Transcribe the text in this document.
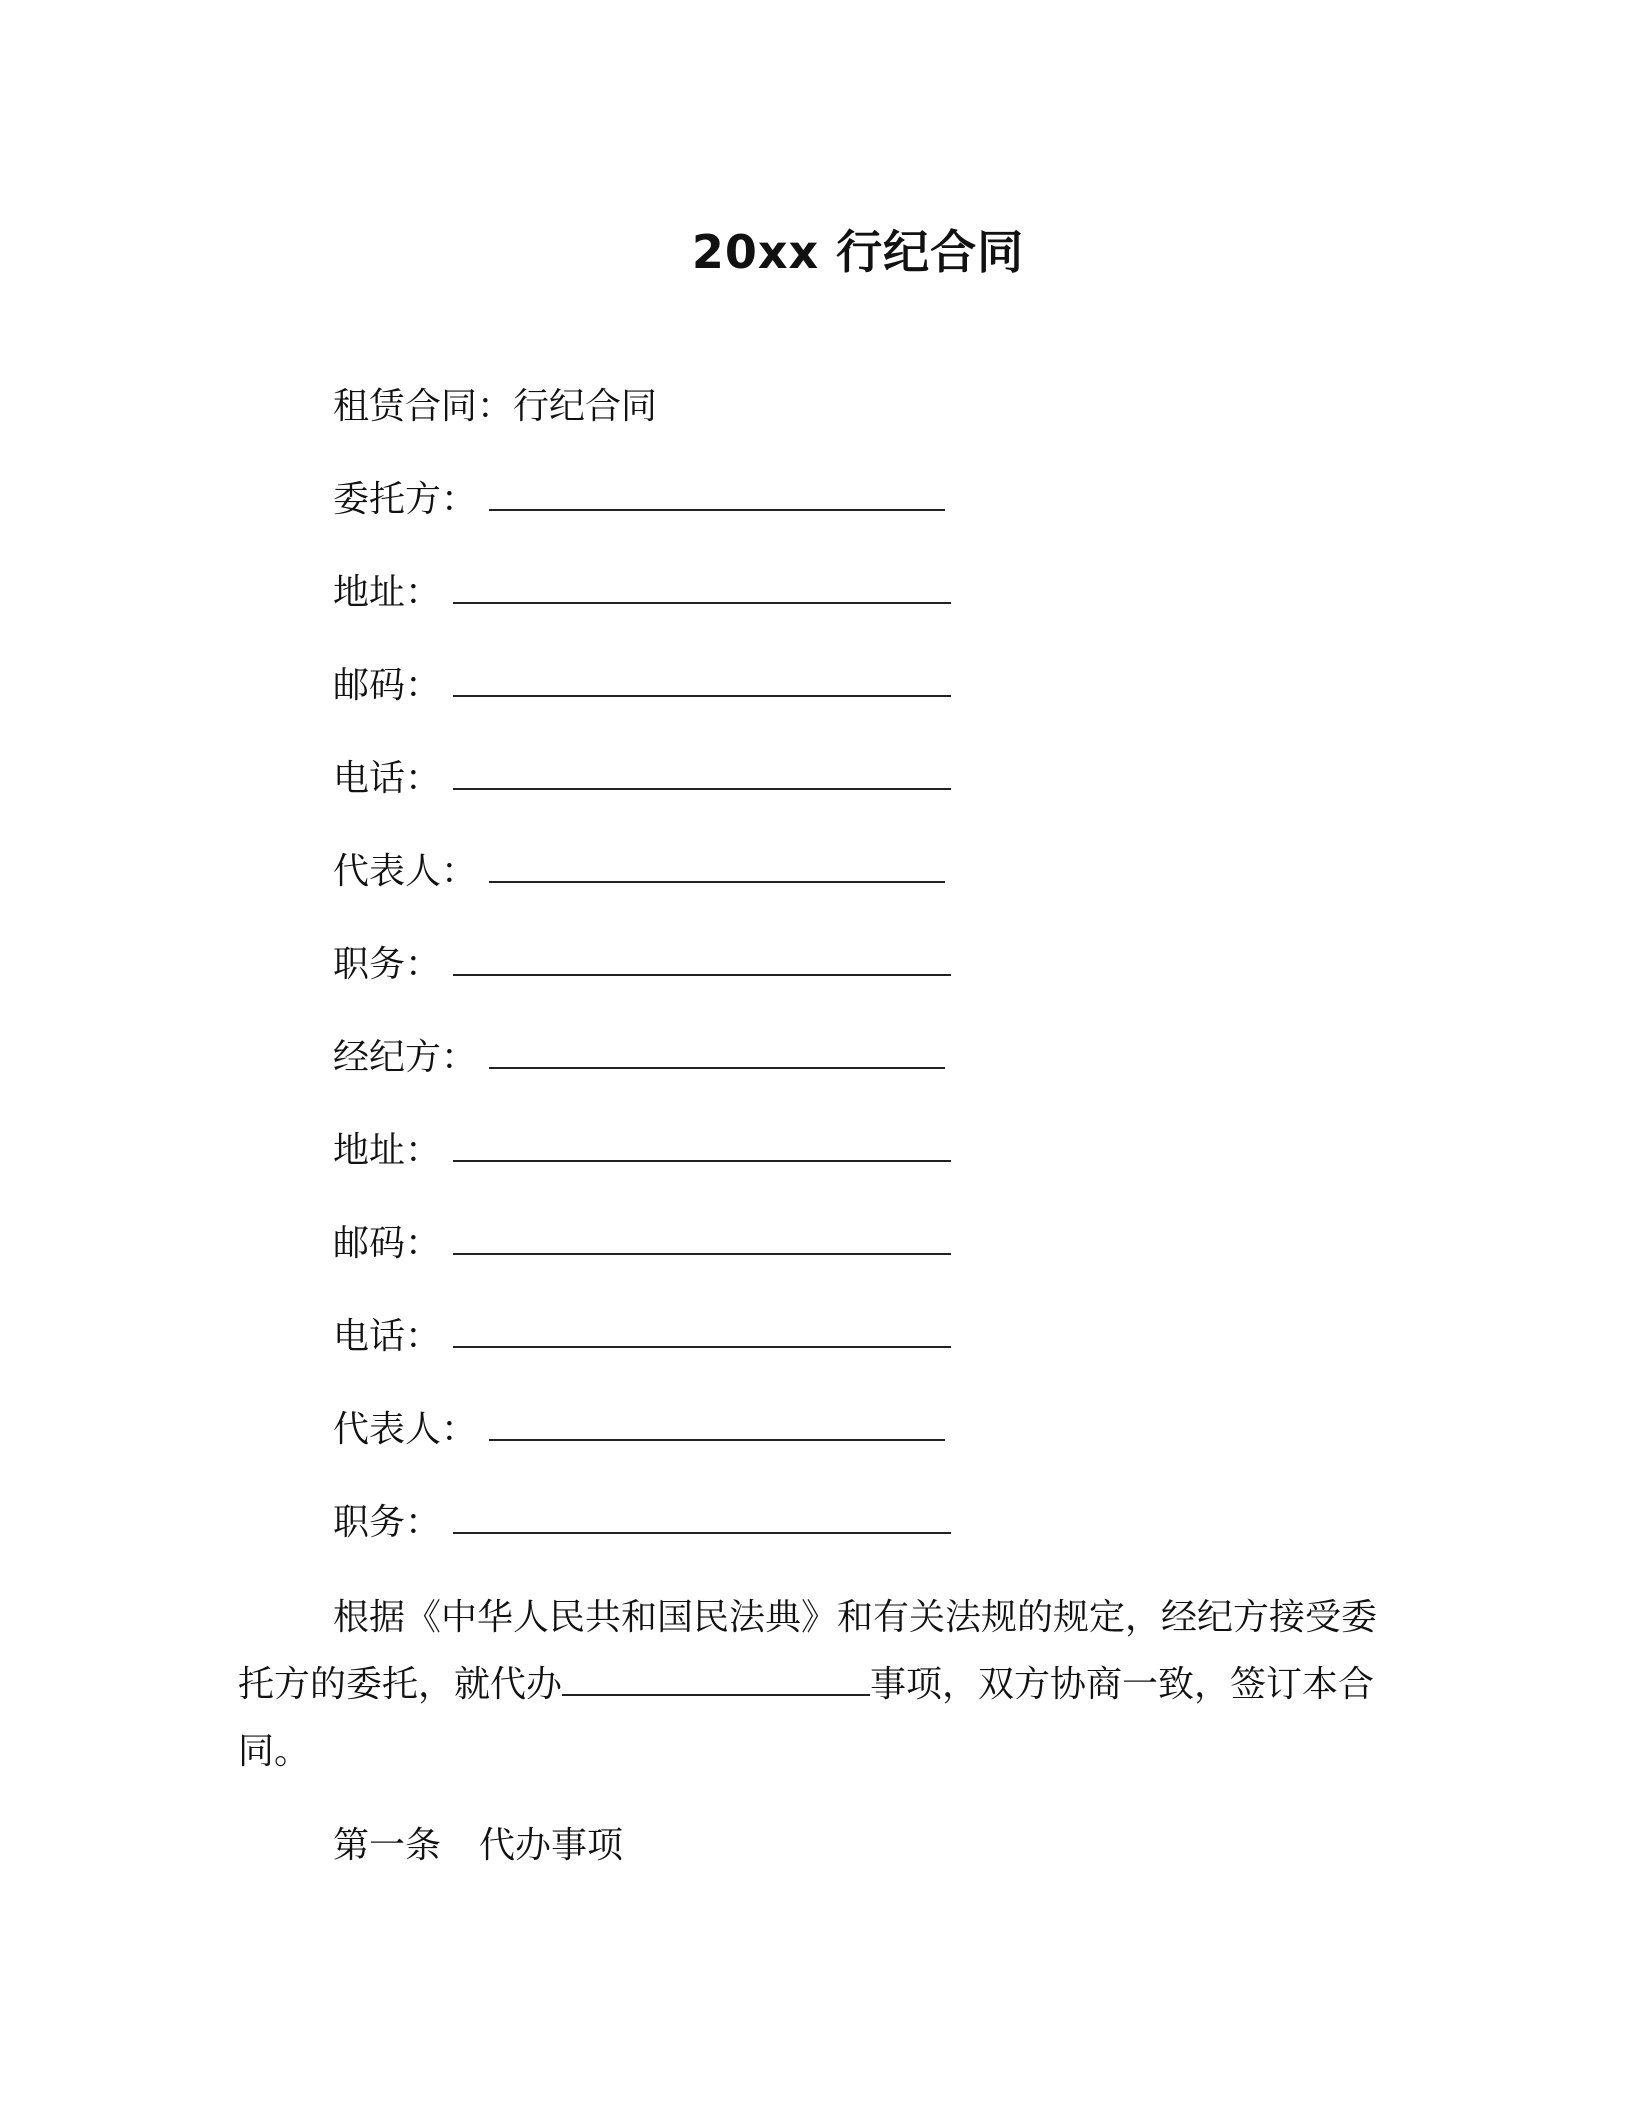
20xx 行纪合同
租赁合同：行纪合同
委托方：
地址：
邮码：
电话：
代表人：
职务：
经纪方：
地址：
邮码：
电话：
代表人：
职务：
根据《中华人民共和国民法典》和有关法规的规定，经纪方接受委托方的委托，就代办	事项，双方协商一致，签订本合同。
第一条 代办事项
